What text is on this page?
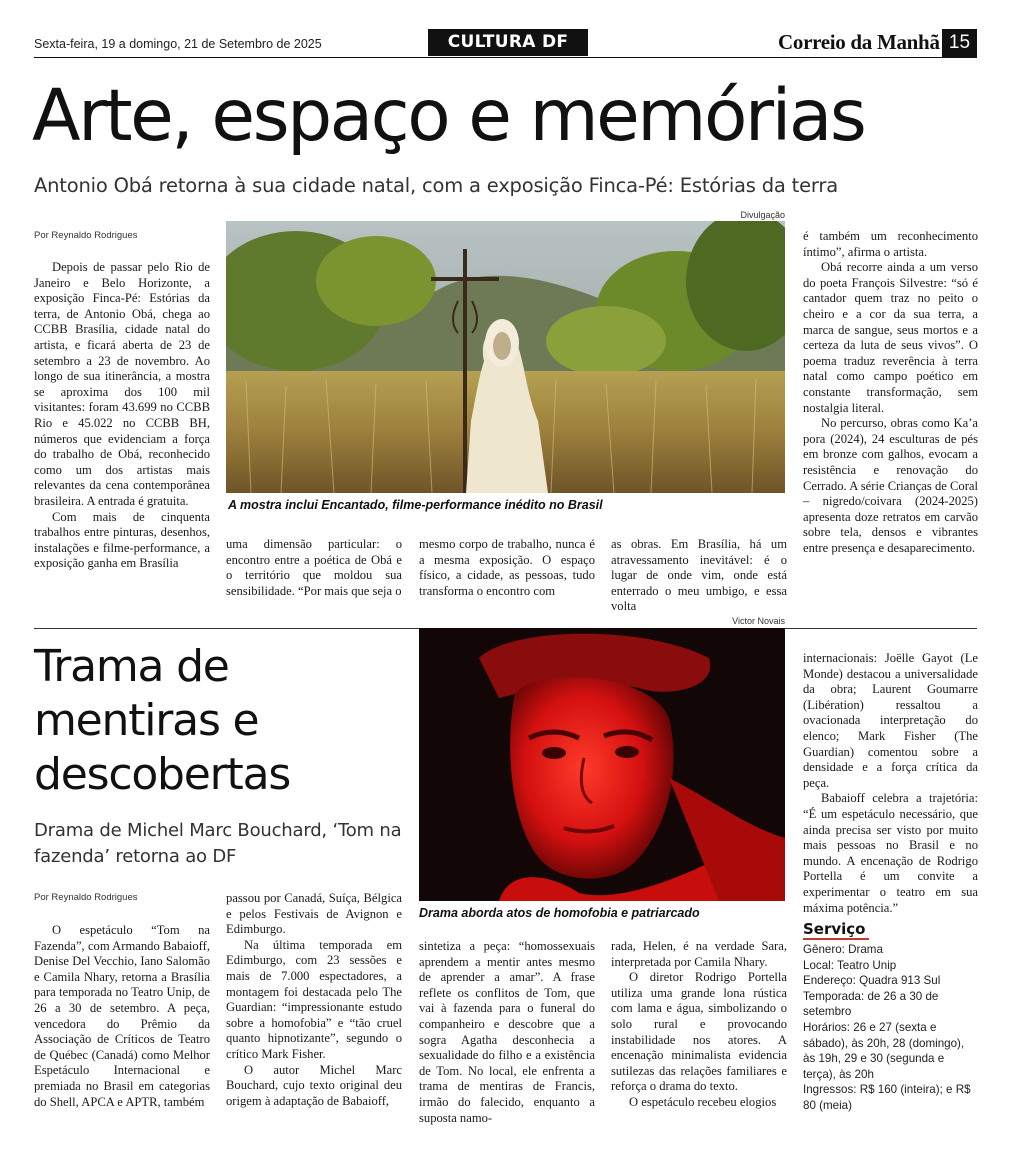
Sexta-feira, 19 a domingo, 21 de Setembro de 2025	CULTURA DF	Correio da Manhã 15
Arte, espaço e memórias
Antonio Obá retorna à sua cidade natal, com a exposição Finca-Pé: Estórias da terra
Por Reynaldo Rodrigues
Divulgação
A mostra inclui Encantado, filme-performance inédito no Brasil

Depois de passar pelo Rio de Janeiro e Belo Horizonte, a exposição Finca-Pé: Estórias da terra, de Antonio Obá, chega ao CCBB Brasília, cidade natal do artista, e ficará aberta de 23 de setembro a 23 de novembro. Ao longo de sua itinerância, a mostra se aproxima dos 100 mil visitantes: foram 43.699 no CCBB Rio e 45.022 no CCBB BH, números que evidenciam a força do trabalho de Obá, reconhecido como um dos artistas mais relevantes da cena contemporânea brasileira. A entrada é gratuita.

Com mais de cinquenta trabalhos entre pinturas, desenhos, instalações e filme-performance, a exposição ganha em Brasília

uma dimensão particular: o encontro entre a poética de Obá e o território que moldou sua sensibilidade. “Por mais que seja o

mesmo corpo de trabalho, nunca é a mesma exposição. O espaço físico, a cidade, as pessoas, tudo transforma o encontro com

as obras. Em Brasília, há um atravessamento inevitável: é o lugar de onde vim, onde está enterrado o meu umbigo, e essa volta

é também um reconhecimento íntimo”, afirma o artista.

Obá recorre ainda a um verso do poeta François Silvestre: “só é cantador quem traz no peito o cheiro e a cor da sua terra, a marca de sangue, seus mortos e a certeza da luta de seus vivos”. O poema traduz reverência à terra natal como campo poético em constante transformação, sem nostalgia literal.

No percurso, obras como Ka’a pora (2024), 24 esculturas de pés em bronze com galhos, evocam a resistência e renovação do Cerrado. A série Crianças de Coral – nigredo/coivara (2024-2025) apresenta doze retratos em carvão sobre tela, densos e vibrantes entre presença e desaparecimento.

Victor Novais
Trama de mentiras e descobertas
Drama de Michel Marc Bouchard, ‘Tom na fazenda’ retorna ao DF
Por Reynaldo Rodrigues
Drama aborda atos de homofobia e patriarcado

O espetáculo “Tom na Fazenda”, com Armando Babaioff, Denise Del Vecchio, Iano Salomão e Camila Nhary, retorna a Brasília para temporada no Teatro Unip, de 26 a 30 de setembro. A peça, vencedora do Prêmio da Associação de Críticos de Teatro de Québec (Canadá) como Melhor Espetáculo Internacional e premiada no Brasil em categorias do Shell, APCA e APTR, também

passou por Canadá, Suíça, Bélgica e pelos Festivais de Avignon e Edimburgo.

Na última temporada em Edimburgo, com 23 sessões e mais de 7.000 espectadores, a montagem foi destacada pelo The Guardian: “impressionante estudo sobre a homofobia” e “tão cruel quanto hipnotizante”, segundo o crítico Mark Fisher.

O autor Michel Marc Bouchard, cujo texto original deu origem à adaptação de Babaioff,

sintetiza a peça: “homossexuais aprendem a mentir antes mesmo de aprender a amar”. A frase reflete os conflitos de Tom, que vai à fazenda para o funeral do companheiro e descobre que a sogra Agatha desconhecia a sexualidade do filho e a existência de Tom. No local, ele enfrenta a trama de mentiras de Francis, irmão do falecido, enquanto a suposta namo-

rada, Helen, é na verdade Sara, interpretada por Camila Nhary.

O diretor Rodrigo Portella utiliza uma grande lona rústica com lama e água, simbolizando o solo rural e provocando instabilidade nos atores. A encenação minimalista evidencia sutilezas das relações familiares e reforça o drama do texto.

O espetáculo recebeu elogios

internacionais: Joëlle Gayot (Le Monde) destacou a universalidade da obra; Laurent Goumarre (Libération) ressaltou a ovacionada interpretação do elenco; Mark Fisher (The Guardian) comentou sobre a densidade e a força crítica da peça.

Babaioff celebra a trajetória: “É um espetáculo necessário, que ainda precisa ser visto por muito mais pessoas no Brasil e no mundo. A encenação de Rodrigo Portella é um convite a experimentar o teatro em sua máxima potência.”

Serviço
Gênero: Drama
Local: Teatro Unip
Endereço: Quadra 913 Sul
Temporada: de 26 a 30 de setembro
Horários: 26 e 27 (sexta e sábado), às 20h, 28 (domingo), às 19h, 29 e 30 (segunda e terça), às 20h
Ingressos: R$ 160 (inteira); e R$ 80 (meia)
